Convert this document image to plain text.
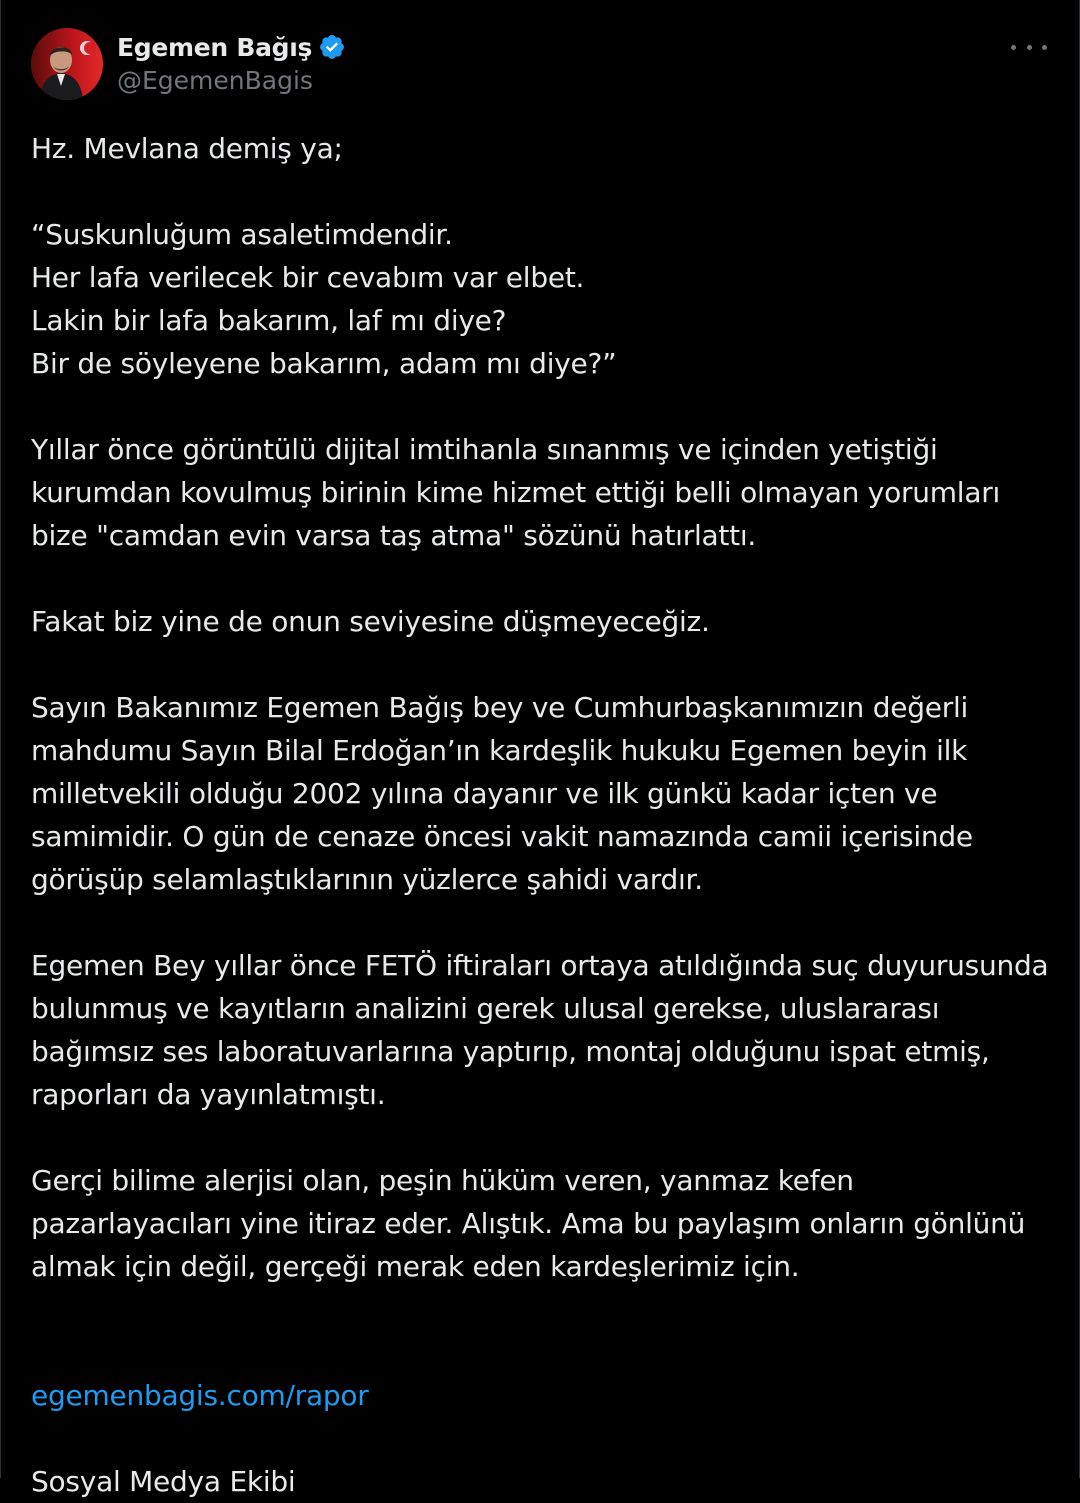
Egemen Bağış
@EgemenBagis

Hz. Mevlana demiş ya;

“Suskunluğum asaletimdendir.
Her lafa verilecek bir cevabım var elbet.
Lakin bir lafa bakarım, laf mı diye?
Bir de söyleyene bakarım, adam mı diye?”

Yıllar önce görüntülü dijital imtihanla sınanmış ve içinden yetiştiği
kurumdan kovulmuş birinin kime hizmet ettiği belli olmayan yorumları
bize "camdan evin varsa taş atma" sözünü hatırlattı.

Fakat biz yine de onun seviyesine düşmeyeceğiz.

Sayın Bakanımız Egemen Bağış bey ve Cumhurbaşkanımızın değerli
mahdumu Sayın Bilal Erdoğan’ın kardeşlik hukuku Egemen beyin ilk
milletvekili olduğu 2002 yılına dayanır ve ilk günkü kadar içten ve
samimidir. O gün de cenaze öncesi vakit namazında camii içerisinde
görüşüp selamlaştıklarının yüzlerce şahidi vardır.

Egemen Bey yıllar önce FETÖ iftiraları ortaya atıldığında suç duyurusunda
bulunmuş ve kayıtların analizini gerek ulusal gerekse, uluslararası
bağımsız ses laboratuvarlarına yaptırıp, montaj olduğunu ispat etmiş,
raporları da yayınlatmıştı.

Gerçi bilime alerjisi olan, peşin hüküm veren, yanmaz kefen
pazarlayacıları yine itiraz eder. Alıştık. Ama bu paylaşım onların gönlünü
almak için değil, gerçeği merak eden kardeşlerimiz için.

egemenbagis.com/rapor

Sosyal Medya Ekibi
